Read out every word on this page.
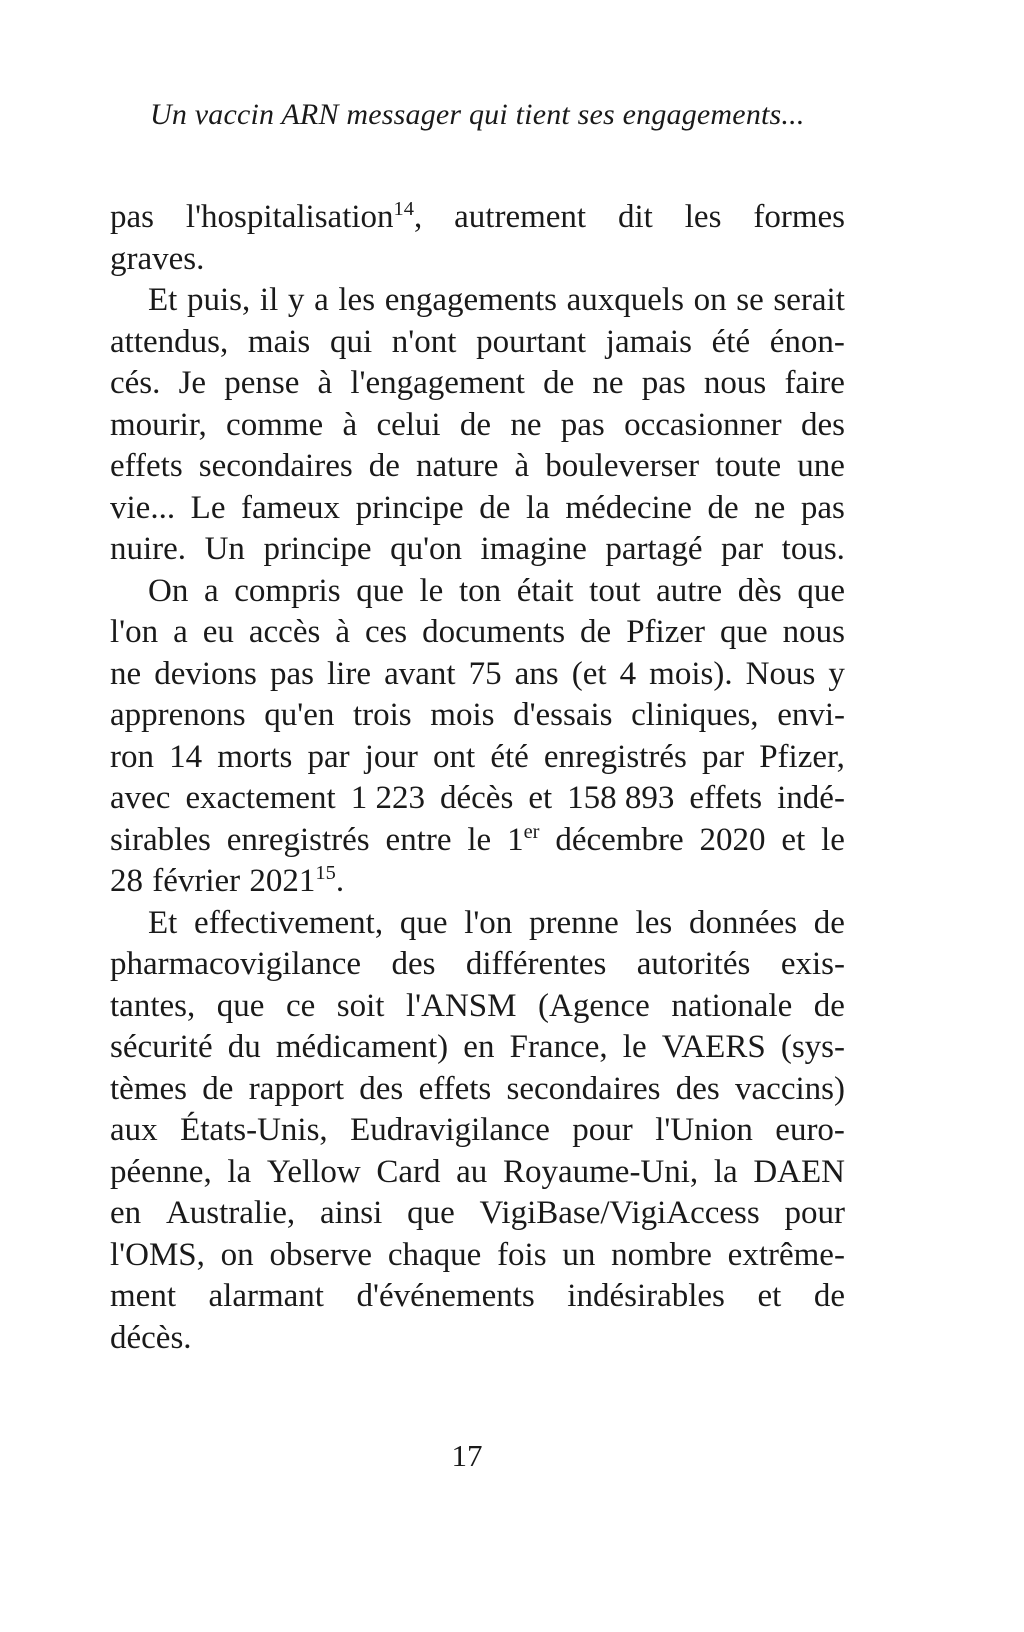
Un vaccin ARN messager qui tient ses engagements...
pas l'hospitalisation$^{14}$, autrement dit les formes
graves.
Et puis, il y a les engagements auxquels on se serait
attendus, mais qui n'ont pourtant jamais été énon-
cés. Je pense à l'engagement de ne pas nous faire
mourir, comme à celui de ne pas occasionner des
effets secondaires de nature à bouleverser toute une
vie... Le fameux principe de la médecine de ne pas
nuire. Un principe qu'on imagine partagé par tous.
On a compris que le ton était tout autre dès que
l'on a eu accès à ces documents de Pfizer que nous
ne devions pas lire avant 75 ans (et 4 mois). Nous y
apprenons qu'en trois mois d'essais cliniques, envi-
ron 14 morts par jour ont été enregistrés par Pfizer,
avec exactement 1 223 décès et 158 893 effets indé-
sirables enregistrés entre le 1er décembre 2020 et le
28 février 2021$^{15}$.
Et effectivement, que l'on prenne les données de
pharmacovigilance des différentes autorités exis-
tantes, que ce soit l'ANSM (Agence nationale de
sécurité du médicament) en France, le VAERS (sys-
tèmes de rapport des effets secondaires des vaccins)
aux États-Unis, Eudravigilance pour l'Union euro-
péenne, la Yellow Card au Royaume-Uni, la DAEN
en Australie, ainsi que VigiBase/VigiAccess pour
l'OMS, on observe chaque fois un nombre extrême-
ment alarmant d'événements indésirables et de
décès.
17
